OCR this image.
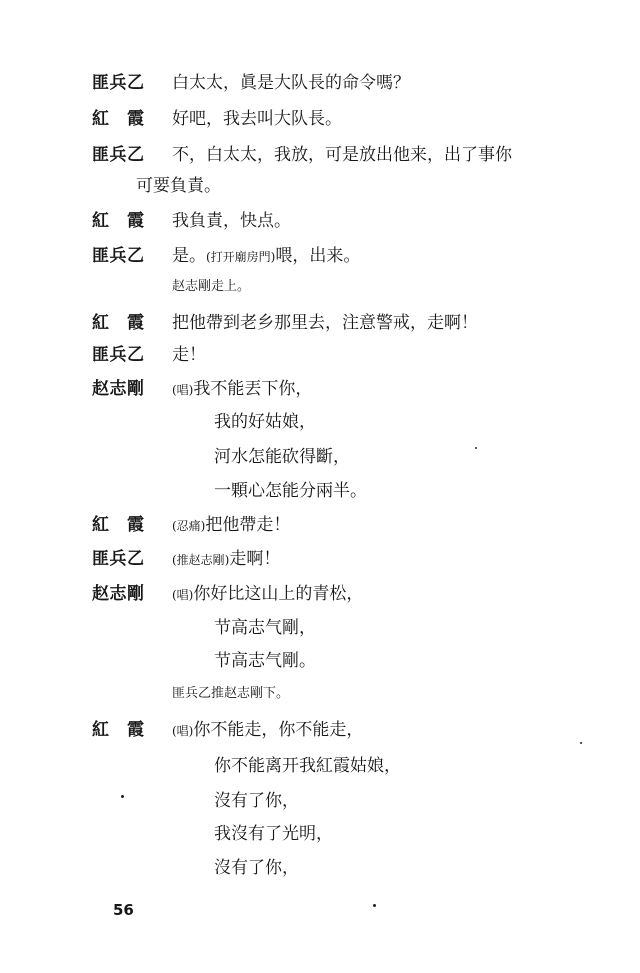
匪兵乙 白太太，眞是大队長的命令嗎？
紅　霞 好吧，我去叫大队長。
匪兵乙 不，白太太，我放，可是放出他来，出了事你
可要負責。
紅　霞 我負責，快点。
匪兵乙 是。(打开廟房門)喂，出来。
赵志剛走上。
紅　霞 把他帶到老乡那里去，注意警戒，走啊！
匪兵乙 走！
赵志剛 (唱)我不能丟下你，
我的好姑娘，
河水怎能砍得斷，
一顆心怎能分兩半。
紅　霞 (忍痛)把他帶走！
匪兵乙 (推赵志剛)走啊！
赵志剛 (唱)你好比这山上的青松，
节高志气剛，
节高志气剛。
匪兵乙推赵志剛下。
紅　霞 (唱)你不能走，你不能走，
你不能离开我紅霞姑娘，
沒有了你，
我沒有了光明，
沒有了你，
56
